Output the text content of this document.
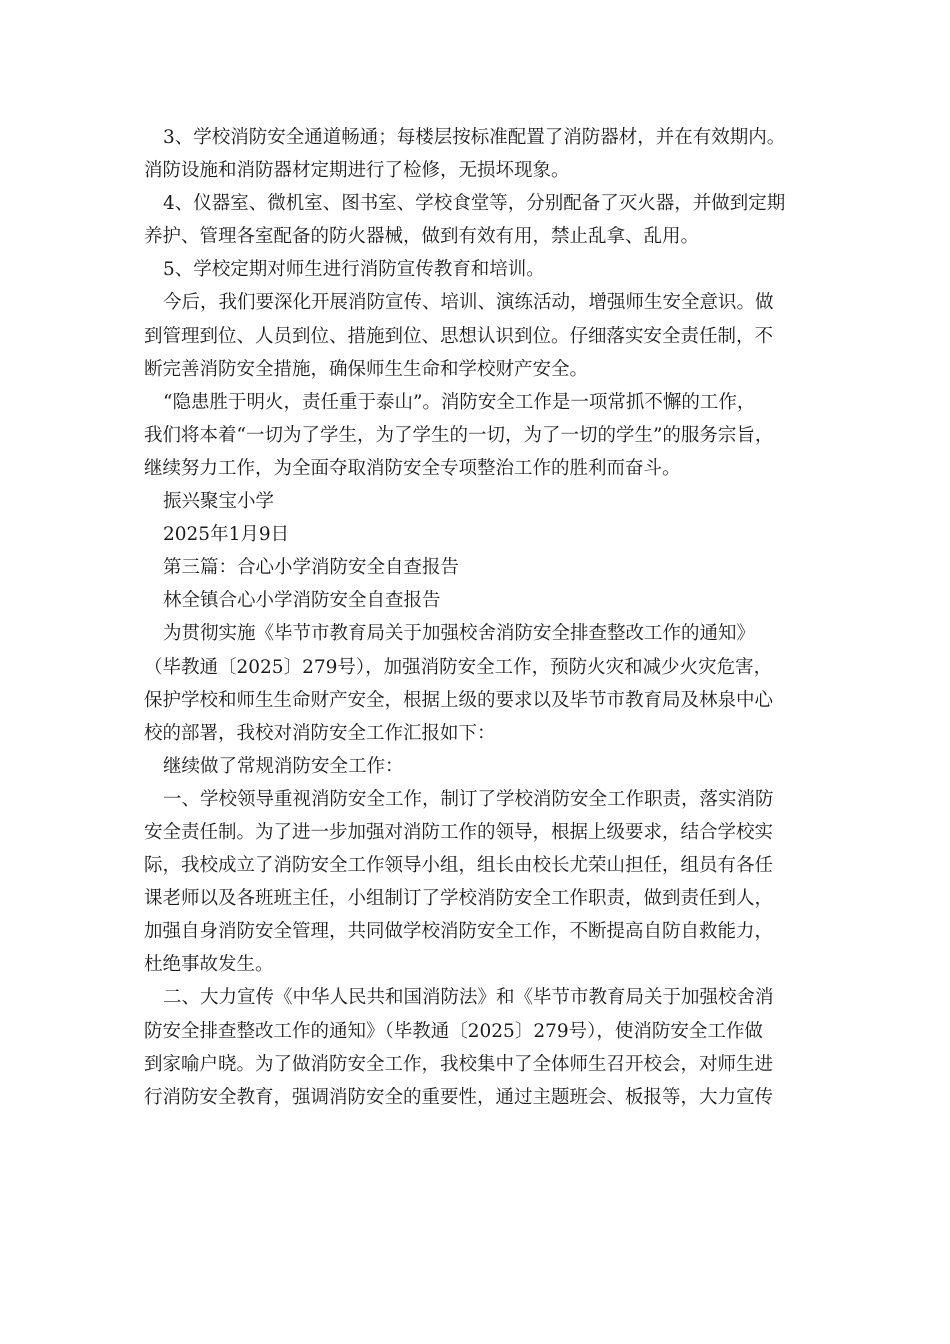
3、学校消防安全通道畅通；每楼层按标准配置了消防器材，并在有效期内。
消防设施和消防器材定期进行了检修，无损坏现象。
4、仪器室、微机室、图书室、学校食堂等，分别配备了灭火器，并做到定期
养护、管理各室配备的防火器械，做到有效有用，禁止乱拿、乱用。
5、学校定期对师生进行消防宣传教育和培训。
今后，我们要深化开展消防宣传、培训、演练活动，增强师生安全意识。做
到管理到位、人员到位、措施到位、思想认识到位。仔细落实安全责任制，不
断完善消防安全措施，确保师生生命和学校财产安全。
“隐患胜于明火，责任重于泰山”。消防安全工作是一项常抓不懈的工作，
我们将本着“一切为了学生，为了学生的一切，为了一切的学生”的服务宗旨，
继续努力工作，为全面夺取消防安全专项整治工作的胜利而奋斗。
振兴聚宝小学
2025年1月9日
第三篇：合心小学消防安全自查报告
林全镇合心小学消防安全自查报告
为贯彻实施《毕节市教育局关于加强校舍消防安全排查整改工作的通知》
（毕教通〔2025〕279号），加强消防安全工作，预防火灾和减少火灾危害，
保护学校和师生生命财产安全，根据上级的要求以及毕节市教育局及林泉中心
校的部署，我校对消防安全工作汇报如下：
继续做了常规消防安全工作：
一、学校领导重视消防安全工作，制订了学校消防安全工作职责，落实消防
安全责任制。为了进一步加强对消防工作的领导，根据上级要求，结合学校实
际，我校成立了消防安全工作领导小组，组长由校长尤荣山担任，组员有各任
课老师以及各班班主任，小组制订了学校消防安全工作职责，做到责任到人，
加强自身消防安全管理，共同做学校消防安全工作，不断提高自防自救能力，
杜绝事故发生。
二、大力宣传《中华人民共和国消防法》和《毕节市教育局关于加强校舍消
防安全排查整改工作的通知》（毕教通〔2025〕279号），使消防安全工作做
到家喻户晓。为了做消防安全工作，我校集中了全体师生召开校会，对师生进
行消防安全教育，强调消防安全的重要性，通过主题班会、板报等，大力宣传
